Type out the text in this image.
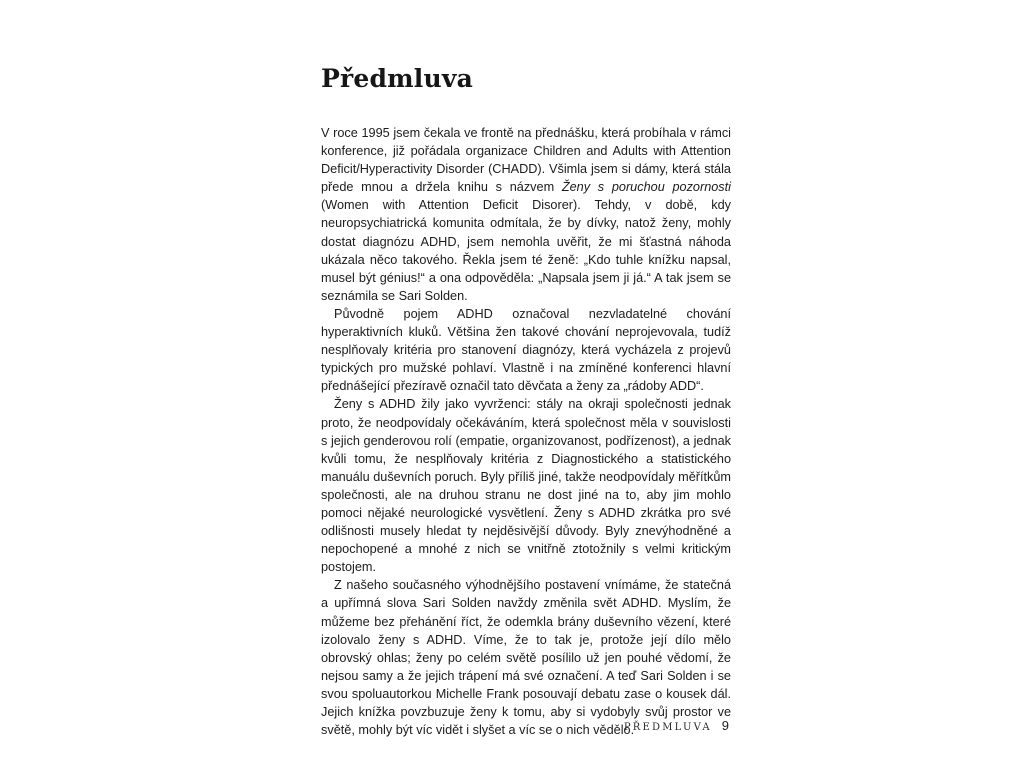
Předmluva

V roce 1995 jsem čekala ve frontě na přednášku, která probíhala v rámci konference, již pořádala organizace Children and Adults with Attention Deficit/Hyperactivity Disorder (CHADD). Všimla jsem si dámy, která stála přede mnou a držela knihu s názvem Ženy s poruchou pozornosti (Women with Attention Deficit Disorer). Tehdy, v době, kdy neuropsychiatrická komunita odmítala, že by dívky, natož ženy, mohly dostat diagnózu ADHD, jsem nemohla uvěřit, že mi šťastná náhoda ukázala něco takového. Řekla jsem té ženě: „Kdo tuhle knížku napsal, musel být génius!“ a ona odpověděla: „Napsala jsem ji já.“ A tak jsem se seznámila se Sari Solden.

Původně pojem ADHD označoval nezvladatelné chování hyperaktivních kluků. Většina žen takové chování neprojevovala, tudíž nesplňovaly kritéria pro stanovení diagnózy, která vycházela z projevů typických pro mužské pohlaví. Vlastně i na zmíněné konferenci hlavní přednášející přezíravě označil tato děvčata a ženy za „rádoby ADD“.

Ženy s ADHD žily jako vyvrženci: stály na okraji společnosti jednak proto, že neodpovídaly očekáváním, která společnost měla v souvislosti s jejich genderovou rolí (empatie, organizovanost, podřízenost), a jednak kvůli tomu, že nesplňovaly kritéria z Diagnostického a statistického manuálu duševních poruch. Byly příliš jiné, takže neodpovídaly měřítkům společnosti, ale na druhou stranu ne dost jiné na to, aby jim mohlo pomoci nějaké neurologické vysvětlení. Ženy s ADHD zkrátka pro své odlišnosti musely hledat ty nejděsivější důvody. Byly znevýhodněné a nepochopené a mnohé z nich se vnitřně ztotožnily s velmi kritickým postojem.

Z našeho současného výhodnějšího postavení vnímáme, že statečná a upřímná slova Sari Solden navždy změnila svět ADHD. Myslím, že můžeme bez přehánění říct, že odemkla brány duševního vězení, které izolovalo ženy s ADHD. Víme, že to tak je, protože její dílo mělo obrovský ohlas; ženy po celém světě posílilo už jen pouhé vědomí, že nejsou samy a že jejich trápení má své označení. A teď Sari Solden i se svou spoluautorkou Michelle Frank posouvají debatu zase o kousek dál. Jejich knížka povzbuzuje ženy k tomu, aby si vydobyly svůj prostor ve světě, mohly být víc vidět i slyšet a víc se o nich vědělo.

PŘEDMLUVA 9
